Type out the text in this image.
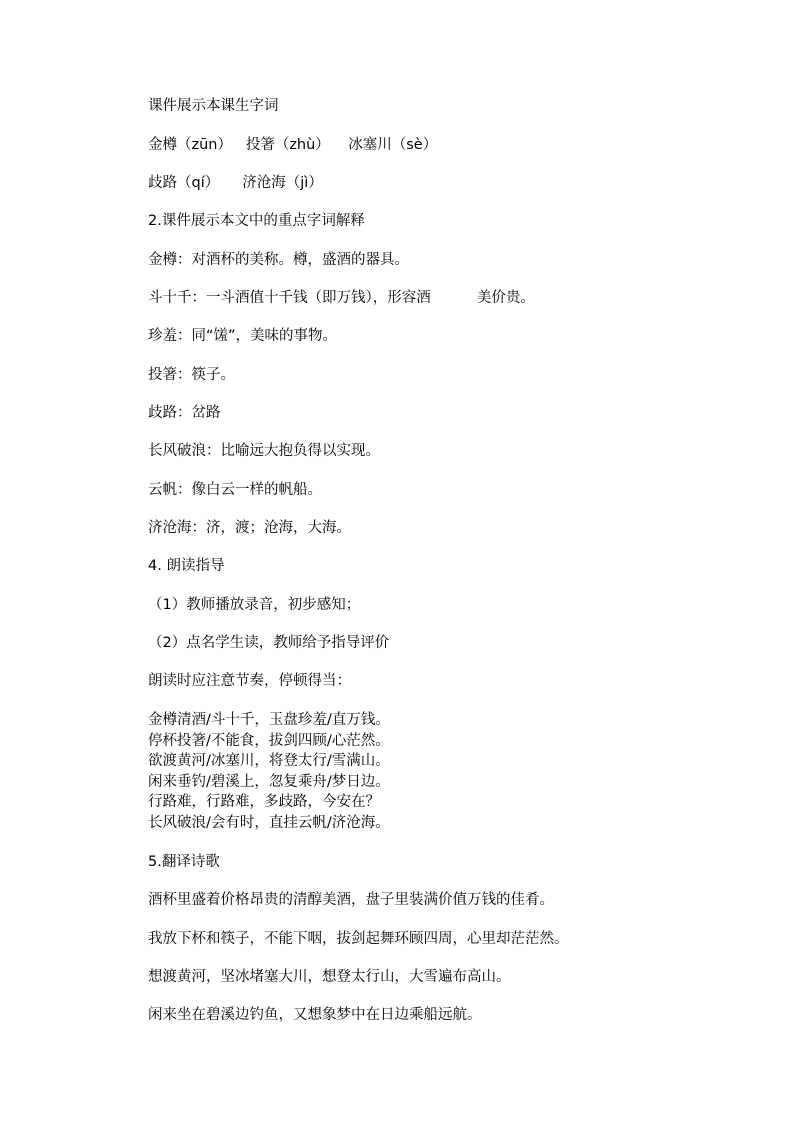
课件展示本课生字词
金樽（zūn）   投箸（zhù）    冰塞川（sè）
歧路（qí）     济沧海（jì）
2.课件展示本文中的重点字词解释
金樽：对酒杯的美称。樽，盛酒的器具。
斗十千：一斗酒值十千钱（即万钱），形容酒          美价贵。
珍羞：同“馐”，美味的事物。
投箸：筷子。
歧路：岔路
长风破浪：比喻远大抱负得以实现。
云帆：像白云一样的帆船。
济沧海：济，渡；沧海，大海。
4. 朗读指导
（1）教师播放录音，初步感知；
（2）点名学生读，教师给予指导评价
朗读时应注意节奏，停顿得当：
金樽清酒/斗十千，玉盘珍羞/直万钱。
停杯投箸/不能食，拔剑四顾/心茫然。
欲渡黄河/冰塞川，将登太行/雪满山。
闲来垂钓/碧溪上，忽复乘舟/梦日边。
行路难，行路难，多歧路，今安在？
长风破浪/会有时，直挂云帆/济沧海。
5.翻译诗歌
酒杯里盛着价格昂贵的清醇美酒，盘子里装满价值万钱的佳肴。
我放下杯和筷子，不能下咽，拔剑起舞环顾四周，心里却茫茫然。
想渡黄河，坚冰堵塞大川，想登太行山，大雪遍布高山。
闲来坐在碧溪边钓鱼，又想象梦中在日边乘船远航。
